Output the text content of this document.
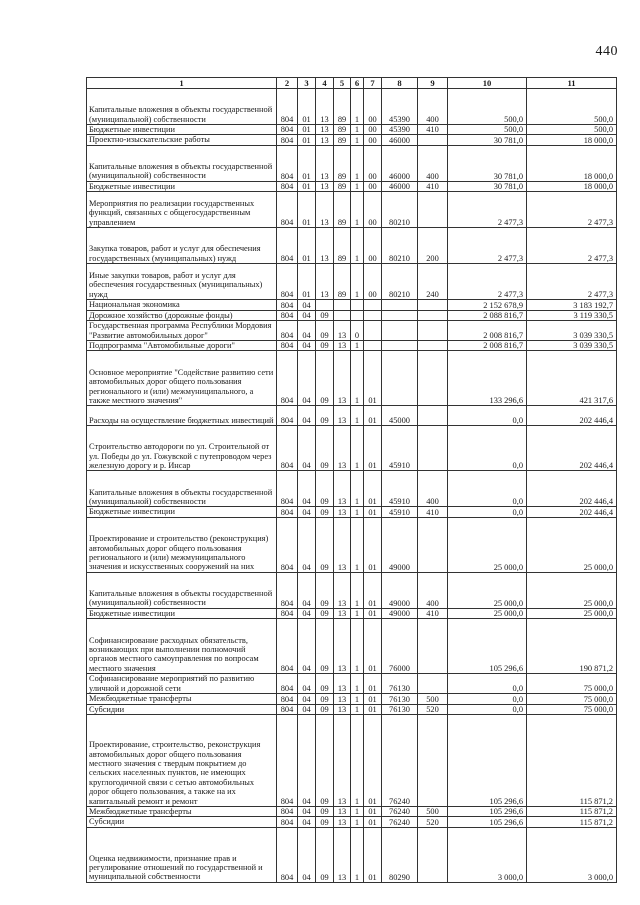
440
1	2	3	4	5	6	7	8	9	10	11
Капитальные вложения в объекты государственной (муниципальной) собственности	804	01	13	89	1	00	45390	400	500,0	500,0
Бюджетные инвестиции	804	01	13	89	1	00	45390	410	500,0	500,0
Проектно-изыскательские работы	804	01	13	89	1	00	46000		30 781,0	18 000,0
Капитальные вложения в объекты государственной (муниципальной) собственности	804	01	13	89	1	00	46000	400	30 781,0	18 000,0
Бюджетные инвестиции	804	01	13	89	1	00	46000	410	30 781,0	18 000,0
Мероприятия по реализации государственных функций, связанных с общегосударственным управлением	804	01	13	89	1	00	80210		2 477,3	2 477,3
Закупка товаров, работ и услуг для обеспечения государственных (муниципальных) нужд	804	01	13	89	1	00	80210	200	2 477,3	2 477,3
Иные закупки товаров, работ и услуг для обеспечения государственных (муниципальных) нужд	804	01	13	89	1	00	80210	240	2 477,3	2 477,3
Национальная экономика	804	04							2 152 678,9	3 183 192,7
Дорожное хозяйство (дорожные фонды)	804	04	09						2 088 816,7	3 119 330,5
Государственная программа Республики Мордовия "Развитие автомобильных дорог"	804	04	09	13	0				2 008 816,7	3 039 330,5
Подпрограмма "Автомобильные дороги"	804	04	09	13	1				2 008 816,7	3 039 330,5
Основное мероприятие "Содействие развитию сети автомобильных дорог общего пользования регионального и (или) межмуниципального, а также местного значения"	804	04	09	13	1	01			133 296,6	421 317,6
Расходы на осуществление бюджетных инвестиций	804	04	09	13	1	01	45000		0,0	202 446,4
Строительство автодороги по ул. Строительной от ул. Победы до ул. Гожувской с путепроводом через железную дорогу и р. Инсар	804	04	09	13	1	01	45910		0,0	202 446,4
Капитальные вложения в объекты государственной (муниципальной) собственности	804	04	09	13	1	01	45910	400	0,0	202 446,4
Бюджетные инвестиции	804	04	09	13	1	01	45910	410	0,0	202 446,4
Проектирование и строительство (реконструкция) автомобильных дорог общего пользования регионального и (или) межмуниципального значения и искусственных сооружений на них	804	04	09	13	1	01	49000		25 000,0	25 000,0
Капитальные вложения в объекты государственной (муниципальной) собственности	804	04	09	13	1	01	49000	400	25 000,0	25 000,0
Бюджетные инвестиции	804	04	09	13	1	01	49000	410	25 000,0	25 000,0
Софинансирование расходных обязательств, возникающих при выполнении полномочий органов местного самоуправления по вопросам местного значения	804	04	09	13	1	01	76000		105 296,6	190 871,2
Софинансирование мероприятий по развитию уличной и дорожной сети	804	04	09	13	1	01	76130		0,0	75 000,0
Межбюджетные трансферты	804	04	09	13	1	01	76130	500	0,0	75 000,0
Субсидии	804	04	09	13	1	01	76130	520	0,0	75 000,0
Проектирование, строительство, реконструкция автомобильных дорог общего пользования местного значения с твердым покрытием до сельских населенных пунктов, не имеющих круглогодичной связи с сетью автомобильных дорог общего пользования, а также на их капитальный ремонт и ремонт	804	04	09	13	1	01	76240		105 296,6	115 871,2
Межбюджетные трансферты	804	04	09	13	1	01	76240	500	105 296,6	115 871,2
Субсидии	804	04	09	13	1	01	76240	520	105 296,6	115 871,2
Оценка недвижимости, признание прав и регулирование отношений по государственной и муниципальной собственности	804	04	09	13	1	01	80290		3 000,0	3 000,0
